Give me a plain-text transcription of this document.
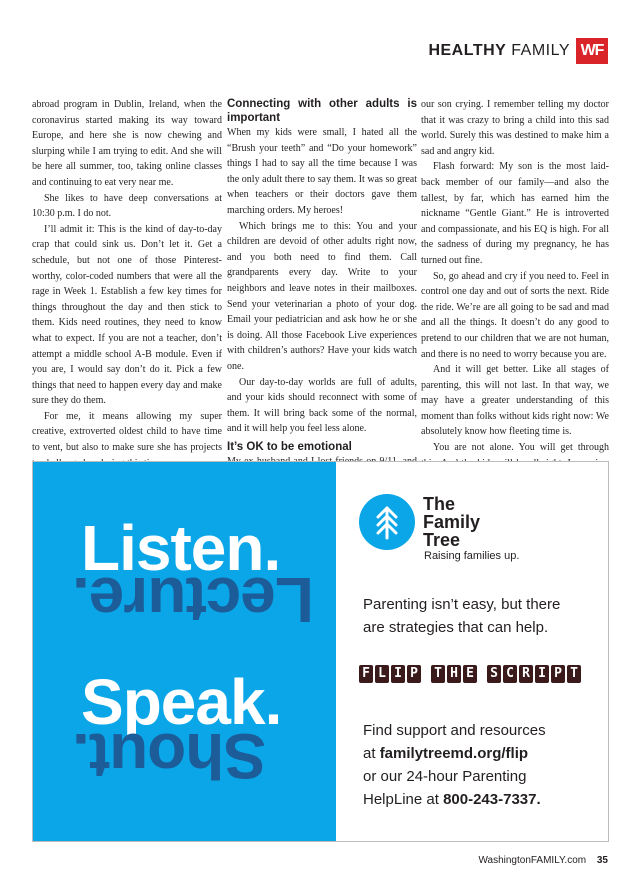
HEALTHY FAMILY WF

abroad program in Dublin, Ireland, when the coronavirus started making its way toward Europe, and here she is now chewing and slurping while I am trying to edit. And she will be here all summer, too, taking online classes and continuing to eat very near me.

She likes to have deep conversations at 10:30 p.m. I do not.

I’ll admit it: This is the kind of day-to-day crap that could sink us. Don’t let it. Get a schedule, but not one of those Pinterest-worthy, color-coded numbers that were all the rage in Week 1. Establish a few key times for things throughout the day and then stick to them. Kids need routines, they need to know what to expect. If you are not a teacher, don’t attempt a middle school A-B module. Even if you are, I would say don’t do it. Pick a few things that need to happen every day and make sure they do them.

For me, it means allowing my super creative, extroverted oldest child to have time to vent, but also to make sure she has projects

Connecting with other adults is important

When my kids were small, I hated all the “Brush your teeth” and “Do your homework” things I had to say all the time because I was the only adult there to say them. It was so great when teachers or their doctors gave them marching orders. My heroes!

Which brings me to this: You and your children are devoid of other adults right now, and you both need to find them. Call grandparents every day. Write to your neighbors and leave notes in their mailboxes. Send your veterinarian a photo of your dog. Email your pediatrician and ask how he or she is doing. All those Facebook Live experiences with children’s authors? Have your kids watch one.

Our day-to-day worlds are full of adults, and your kids should reconnect with some of them. It will bring back some of the normal, and it will help you feel less alone.

It’s OK to be emotional

our son crying. I remember telling my doctor that it was crazy to bring a child into this sad world. Surely this was destined to make him a sad and angry kid.

Flash forward: My son is the most laid-back member of our family—and also the tallest, by far, which has earned him the nickname “Gentle Giant.” He is introverted and compassionate, and his EQ is high. For all the sadness of during my pregnancy, he has turned out fine.

So, go ahead and cry if you need to. Feel in control one day and out of sorts the next. Ride the ride. We’re are all going to be sad and mad and all the things. It doesn’t do any good to pretend to our children that we are not human, and there is no need to worry because you are.

And it will get better. Like all stages of parenting, this will not last. In that way, we may have a greater understanding of this moment than folks without kids right now: We absolutely know how fleeting time is.

You are not alone. You will get through

Listen.
Lecture.
Speak.
Shout.
The
Family
Tree
Raising families up.
Parenting isn’t easy, but there
are strategies that can help.
F L I P T H E S C R I P T
Find support and resources
at familytreemd.org/flip
or our 24-hour Parenting
HelpLine at 800-243-7337.
WashingtonFAMILY.com 35
